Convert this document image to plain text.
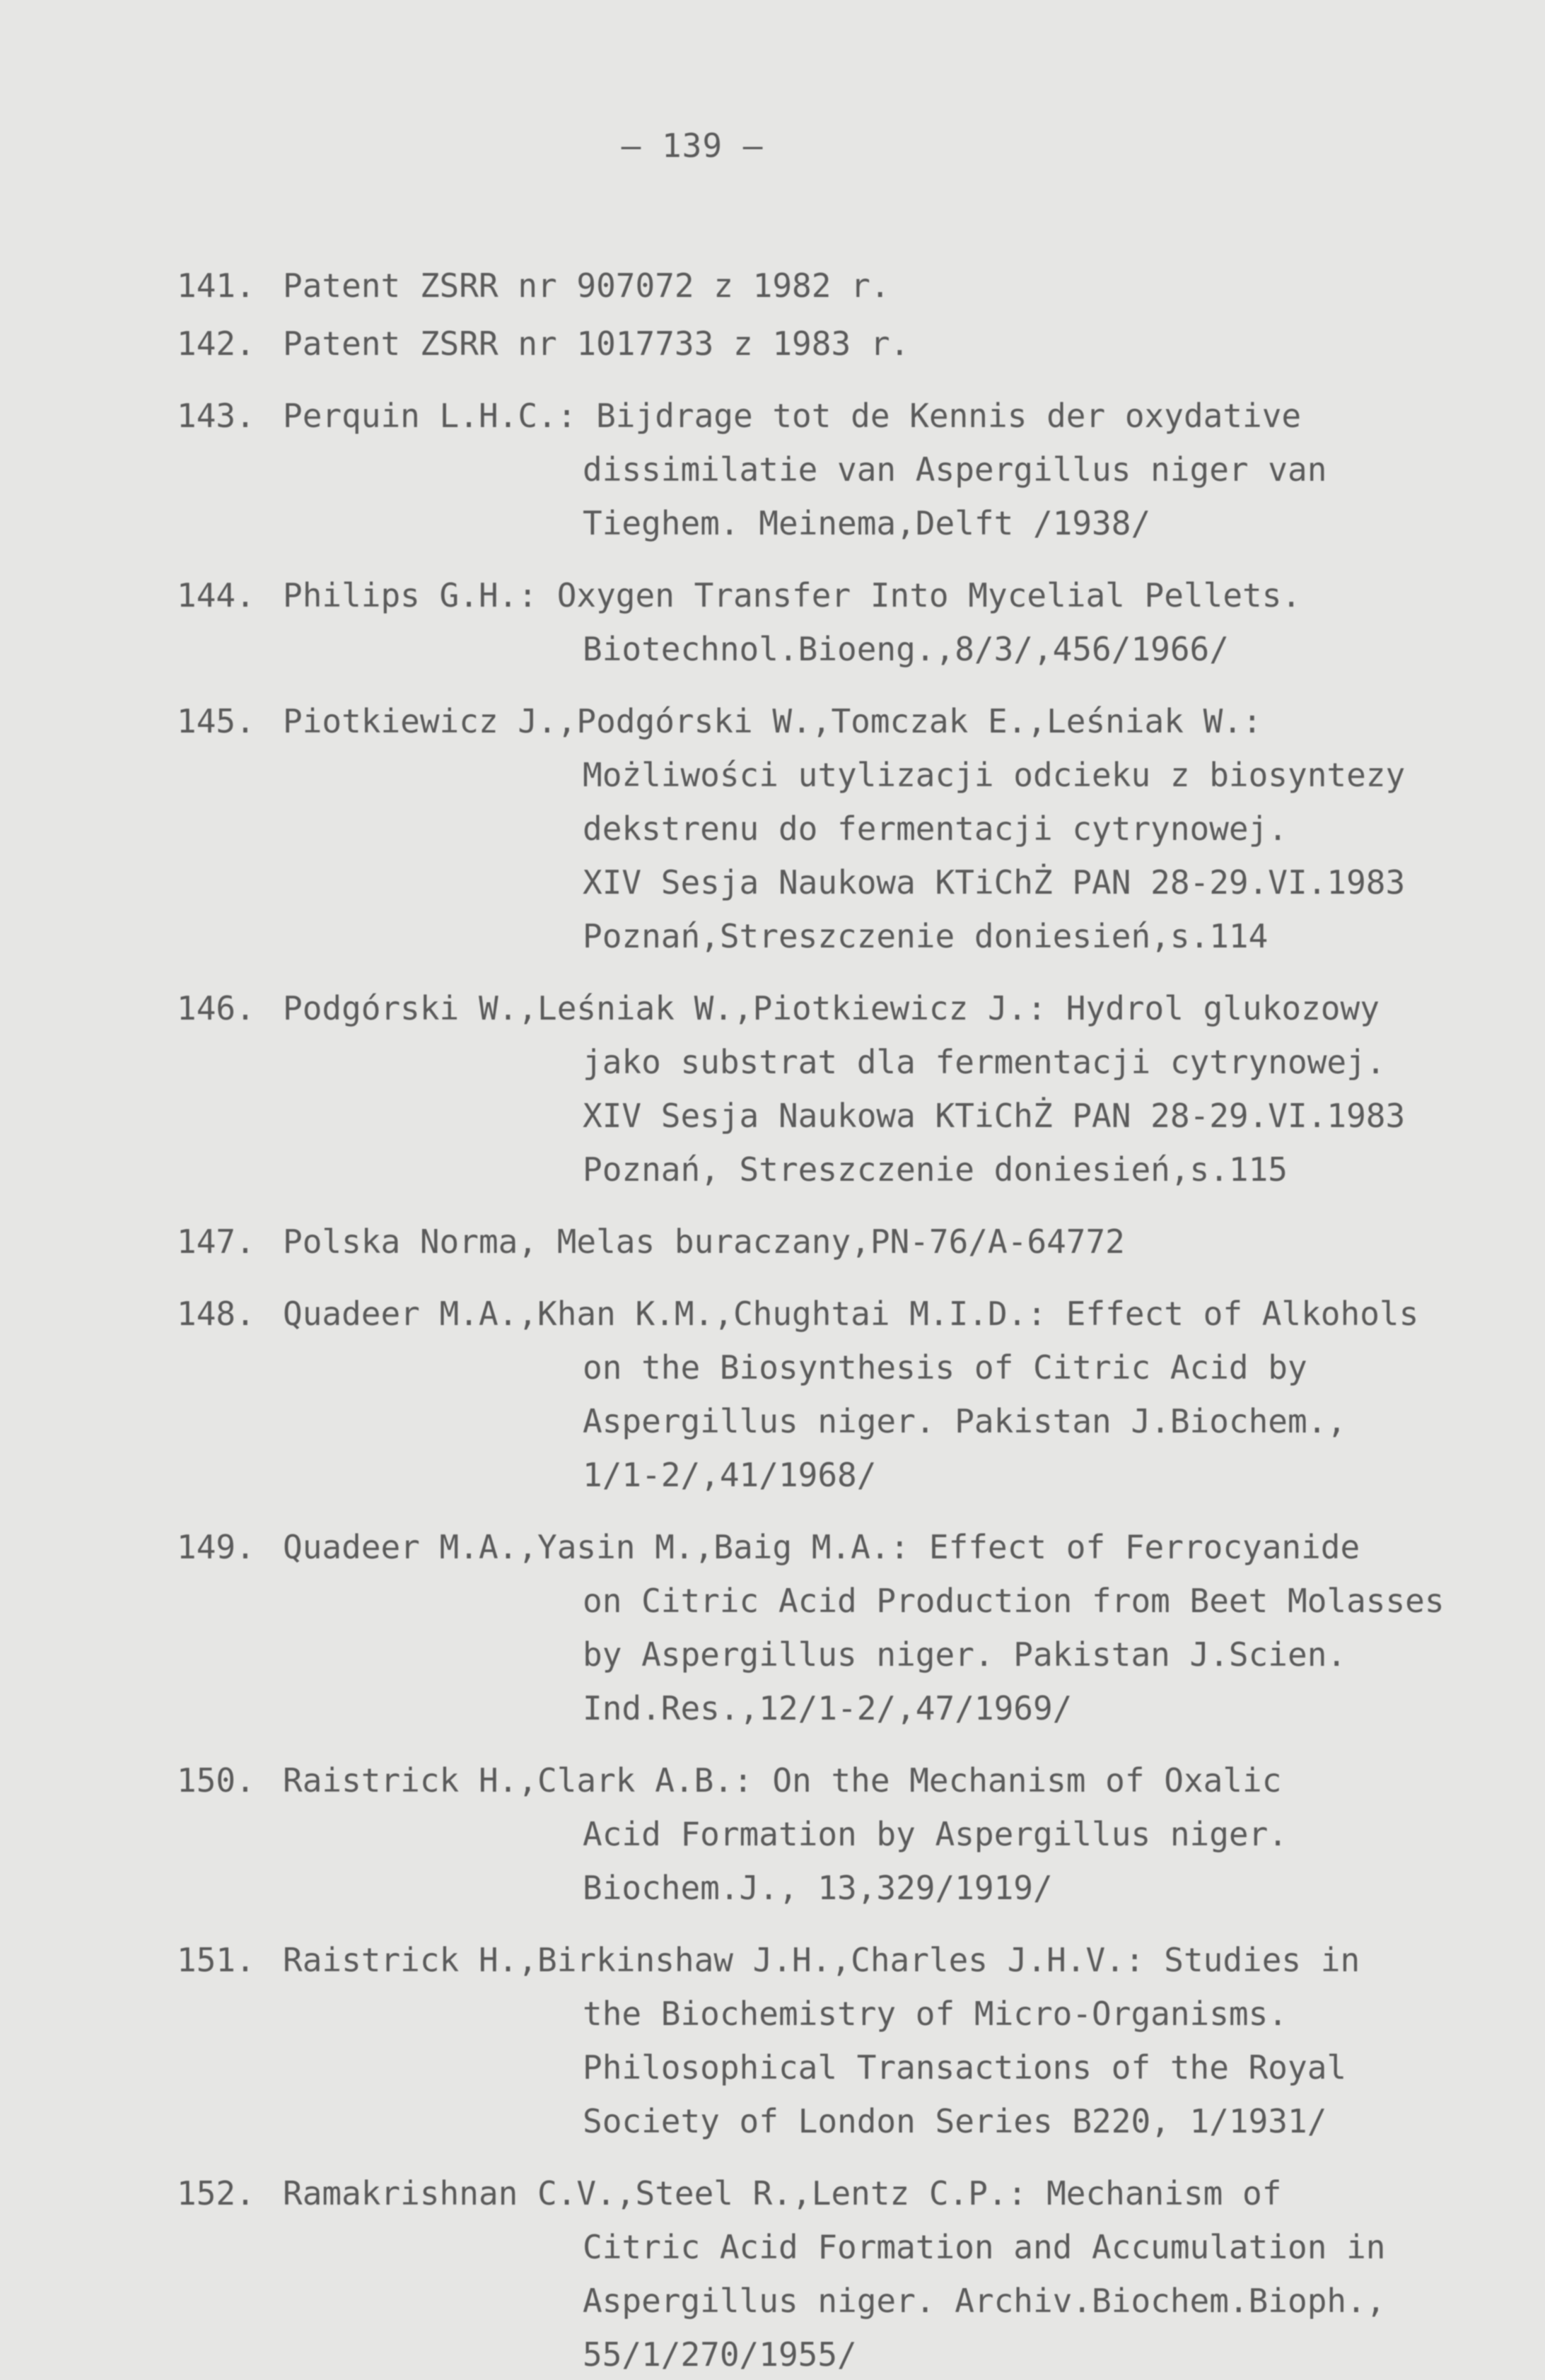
– 139 –
141. Patent ZSRR nr 907072 z 1982 r.
142. Patent ZSRR nr 1017733 z 1983 r.
143. Perquin L.H.C.: Bijdrage tot de Kennis der oxydative
dissimilatie van Aspergillus niger van
Tieghem. Meinema,Delft /1938/
144. Philips G.H.: Oxygen Transfer Into Mycelial Pellets.
Biotechnol.Bioeng.,8/3/,456/1966/
145. Piotkiewicz J.,Podgórski W.,Tomczak E.,Leśniak W.:
Możliwości utylizacji odcieku z biosyntezy
dekstrenu do fermentacji cytrynowej.
XIV Sesja Naukowa KTiChŻ PAN 28-29.VI.1983
Poznań,Streszczenie doniesień,s.114
146. Podgórski W.,Leśniak W.,Piotkiewicz J.: Hydrol glukozowy
jako substrat dla fermentacji cytrynowej.
XIV Sesja Naukowa KTiChŻ PAN 28-29.VI.1983
Poznań, Streszczenie doniesień,s.115
147. Polska Norma, Melas buraczany,PN-76/A-64772
148. Quadeer M.A.,Khan K.M.,Chughtai M.I.D.: Effect of Alkohols
on the Biosynthesis of Citric Acid by
Aspergillus niger. Pakistan J.Biochem.,
1/1-2/,41/1968/
149. Quadeer M.A.,Yasin M.,Baig M.A.: Effect of Ferrocyanide
on Citric Acid Production from Beet Molasses
by Aspergillus niger. Pakistan J.Scien.
Ind.Res.,12/1-2/,47/1969/
150. Raistrick H.,Clark A.B.: On the Mechanism of Oxalic
Acid Formation by Aspergillus niger.
Biochem.J., 13,329/1919/
151. Raistrick H.,Birkinshaw J.H.,Charles J.H.V.: Studies in
the Biochemistry of Micro-Organisms.
Philosophical Transactions of the Royal
Society of London Series B220, 1/1931/
152. Ramakrishnan C.V.,Steel R.,Lentz C.P.: Mechanism of
Citric Acid Formation and Accumulation in
Aspergillus niger. Archiv.Biochem.Bioph.,
55/1/270/1955/
